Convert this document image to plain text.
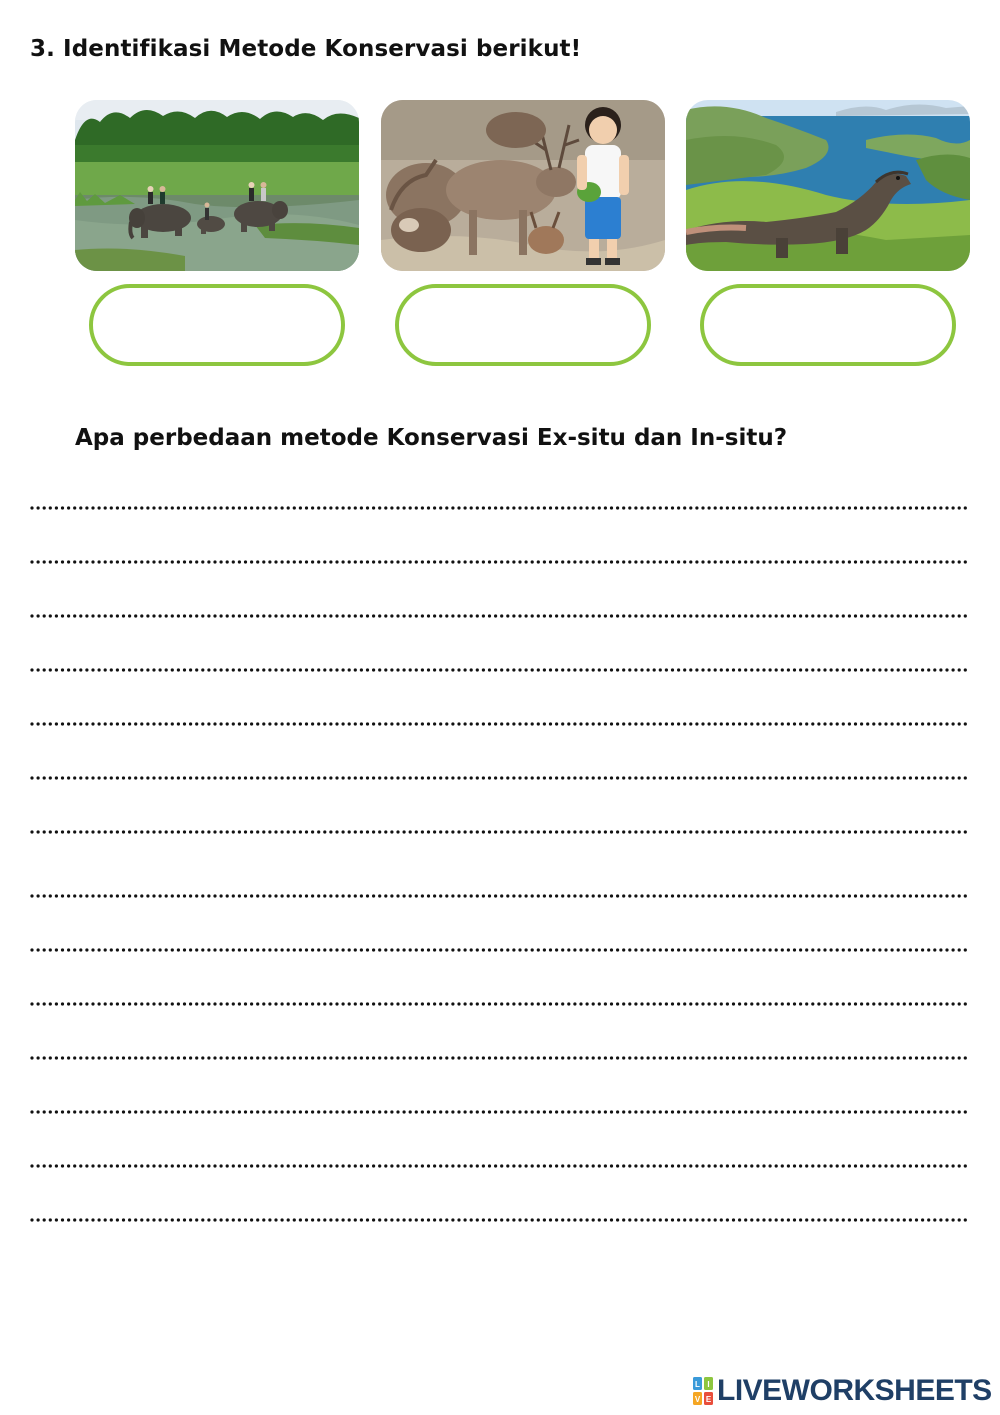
3. Identifikasi Metode Konservasi berikut!
Apa perbedaan metode Konservasi Ex-situ dan In-situ?
L I
V E LIVEWORKSHEETS
